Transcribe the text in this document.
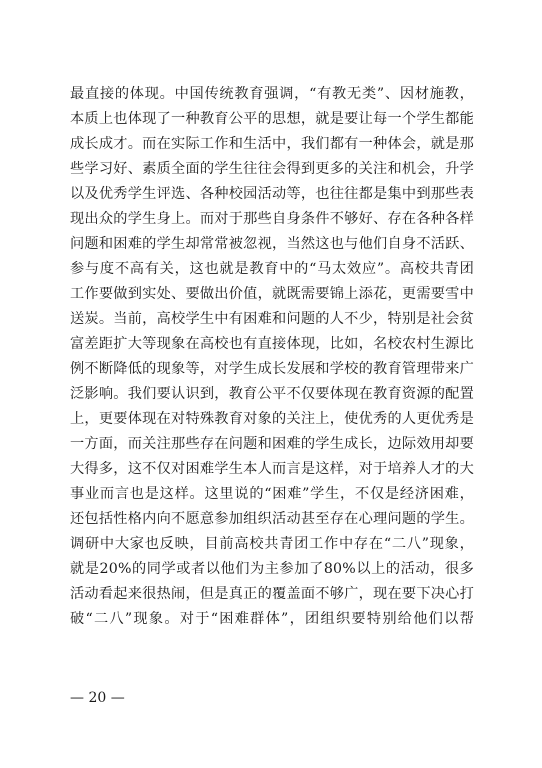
最直接的体现。中国传统教育强调，“有教无类”、因材施教，
本质上也体现了一种教育公平的思想，就是要让每一个学生都能
成长成才。而在实际工作和生活中，我们都有一种体会，就是那
些学习好、素质全面的学生往往会得到更多的关注和机会，升学
以及优秀学生评选、各种校园活动等，也往往都是集中到那些表
现出众的学生身上。而对于那些自身条件不够好、存在各种各样
问题和困难的学生却常常被忽视，当然这也与他们自身不活跃、
参与度不高有关，这也就是教育中的“马太效应”。高校共青团
工作要做到实处、要做出价值，就既需要锦上添花，更需要雪中
送炭。当前，高校学生中有困难和问题的人不少，特别是社会贫
富差距扩大等现象在高校也有直接体现，比如，名校农村生源比
例不断降低的现象等，对学生成长发展和学校的教育管理带来广
泛影响。我们要认识到，教育公平不仅要体现在教育资源的配置
上，更要体现在对特殊教育对象的关注上，使优秀的人更优秀是
一方面，而关注那些存在问题和困难的学生成长，边际效用却要
大得多，这不仅对困难学生本人而言是这样，对于培养人才的大
事业而言也是这样。这里说的“困难”学生，不仅是经济困难，
还包括性格内向不愿意参加组织活动甚至存在心理问题的学生。
调研中大家也反映，目前高校共青团工作中存在“二八”现象，
就是20%的同学或者以他们为主参加了80%以上的活动，很多
活动看起来很热闹，但是真正的覆盖面不够广，现在要下决心打
破“二八”现象。对于“困难群体”，团组织要特别给他们以帮
— 20 —
